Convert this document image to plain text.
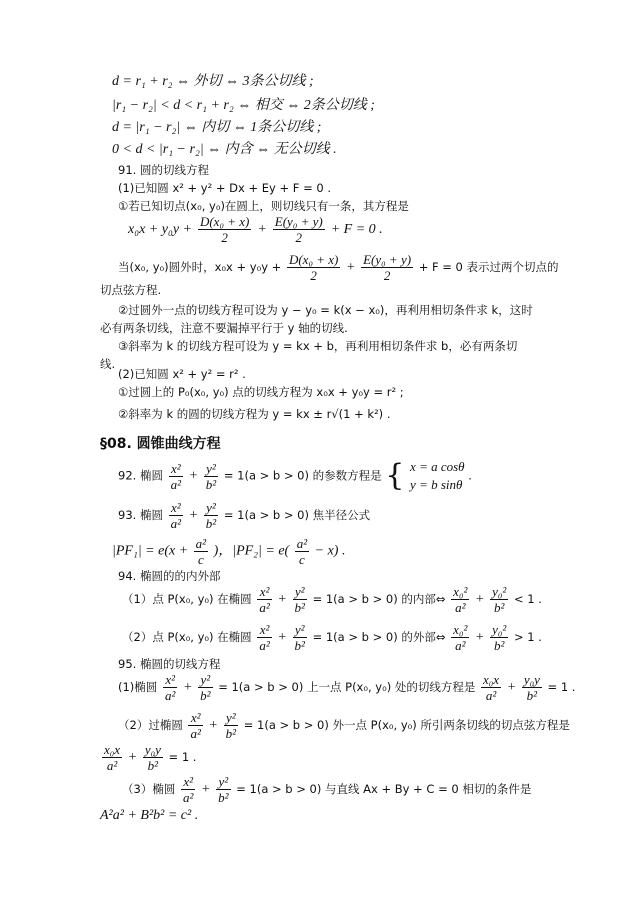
d = r₁ + r₂ ⇔ 外切 ⇔ 3条公切线 ;
|r₁ − r₂| < d < r₁ + r₂ ⇔ 相交 ⇔ 2条公切线 ;
d = |r₁ − r₂| ⇔ 内切 ⇔ 1条公切线 ;
0 < d < |r₁ − r₂| ⇔ 内含 ⇔ 无公切线 .
91. 圆的切线方程
(1)已知圆 x² + y² + Dx + Ey + F = 0 .
①若已知切点(x₀, y₀)在圆上，则切线只有一条，其方程是
$x_0x + y_0y + \frac{\text{D(x₀ + x)}}{2} + \frac{\text{E(y₀ + y)}}{2} + F = 0$ .
当(x₀, y₀)圆外时，$x_0x + y_0y + \frac{\text{D(x₀ + x)}}{2} + \frac{\text{E(y₀ + y)}}{2} + F = 0$ 表示过两个切点的
切点弦方程.
②过圆外一点的切线方程可设为 y − y₀ = k(x − x₀)，再利用相切条件求 k，这时
必有两条切线，注意不要漏掉平行于 y 轴的切线.
③斜率为 k 的切线方程可设为 y = kx + b，再利用相切条件求 b，必有两条切
线.
(2)已知圆 x² + y² = r² .
①过圆上的 P₀(x₀, y₀) 点的切线方程为 x₀x + y₀y = r² ;
②斜率为 k 的圆的切线方程为 y = kx ± r√(1 + k²) .
§08. 圆锥曲线方程
92. 椭圆 $\frac{\text{x²}}{\text{a²}} + \frac{\text{y²}}{\text{b²}} = 1(a > b > 0)$ 的参数方程是 { x = a cosθ
y = b sinθ
.
93. 椭圆 $\frac{\text{x²}}{\text{a²}} + \frac{\text{y²}}{\text{b²}} = 1(a > b > 0)$ 焦半径公式
$|PF_1| = e(x + \frac{\text{a²}}{c}$ )，$|PF_2| = e( \frac{\text{a²}}{c} - x)$ .
94. 椭圆的的内外部
（1）点 P(x₀, y₀) 在椭圆 $\frac{\text{x²}}{\text{a²}} + \frac{\text{y²}}{\text{b²}} = 1(a > b > 0)$ 的内部⇔ $\frac{\text{x₀²}}{\text{a²}} + \frac{\text{y₀²}}{\text{b²}} < 1$ .
（2）点 P(x₀, y₀) 在椭圆 $\frac{\text{x²}}{\text{a²}} + \frac{\text{y²}}{\text{b²}} = 1(a > b > 0)$ 的外部⇔ $\frac{\text{x₀²}}{\text{a²}} + \frac{\text{y₀²}}{\text{b²}} > 1$ .
95. 椭圆的切线方程
(1)椭圆 $\frac{\text{x²}}{\text{a²}} + \frac{\text{y²}}{\text{b²}} = 1(a > b > 0)$ 上一点 P(x₀, y₀) 处的切线方程是 $\frac{\text{x₀x}}{\text{a²}} + \frac{\text{y₀y}}{\text{b²}} = 1$ .
（2）过椭圆 $\frac{\text{x²}}{\text{a²}} + \frac{\text{y²}}{\text{b²}} = 1(a > b > 0)$ 外一点 P(x₀, y₀) 所引两条切线的切点弦方程是
$\frac{\text{x₀x}}{\text{a²}} + \frac{\text{y₀y}}{\text{b²}} = 1$ .
（3）椭圆 $\frac{\text{x²}}{\text{a²}} + \frac{\text{y²}}{\text{b²}} = 1(a > b > 0)$ 与直线 Ax + By + C = 0 相切的条件是
A²a² + B²b² = c² .
